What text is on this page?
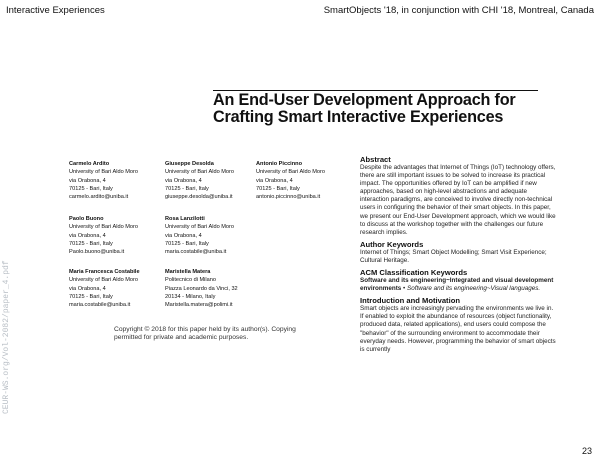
Interactive Experiences	SmartObjects '18, in conjunction with CHI '18, Montreal, Canada
An End-User Development Approach for Crafting Smart Interactive Experiences
Carmelo Ardito
University of Bari Aldo Moro
via Orabona, 4
70125 - Bari, Italy
carmelo.ardito@uniba.it
Giuseppe Desolda
University of Bari Aldo Moro
via Orabona, 4
70125 - Bari, Italy
giuseppe.desolda@uniba.it
Antonio Piccinno
University of Bari Aldo Moro
via Orabona, 4
70125 - Bari, Italy
antonio.piccinno@uniba.it
Paolo Buono
University of Bari Aldo Moro
via Orabona, 4
70125 - Bari, Italy
Paolo.buono@uniba.it
Rosa Lanzilotti
University of Bari Aldo Moro
via Orabona, 4
70125 - Bari, Italy
maria.costabile@uniba.it
Maria Francesca Costabile
University of Bari Aldo Moro
via Orabona, 4
70125 - Bari, Italy
maria.costabile@uniba.it
Maristella Matera
Politecnico di Milano
Piazza Leonardo da Vinci, 32
20134 - Milano, Italy
Maristella.matera@polimi.it
Copyright © 2018 for this paper held by its author(s). Copying permitted for private and academic purposes.
Abstract
Despite the advantages that Internet of Things (IoT) technology offers, there are still important issues to be solved to increase its practical impact. The opportunities offered by IoT can be amplified if new approaches, based on high-level abstractions and adequate interaction paradigms, are conceived to involve directly non-technical users in configuring the behavior of their smart objects. In this paper, we present our End-User Development approach, which we would like to discuss at the workshop together with the challenges our future research implies.
Author Keywords
Internet of Things; Smart Object Modelling; Smart Visit Experience; Cultural Heritage.
ACM Classification Keywords
Software and its engineering~Integrated and visual development environments • Software and its engineering~Visual languages.
Introduction and Motivation
Smart objects are increasingly pervading the environments we live in. If enabled to exploit the abundance of resources (object functionality, produced data, related applications), end users could compose the "behavior" of the surrounding environment to accommodate their everyday needs. However, programming the behavior of smart objects is currently
CEUR-WS.org/Vol-2082/paper_4.pdf
23
